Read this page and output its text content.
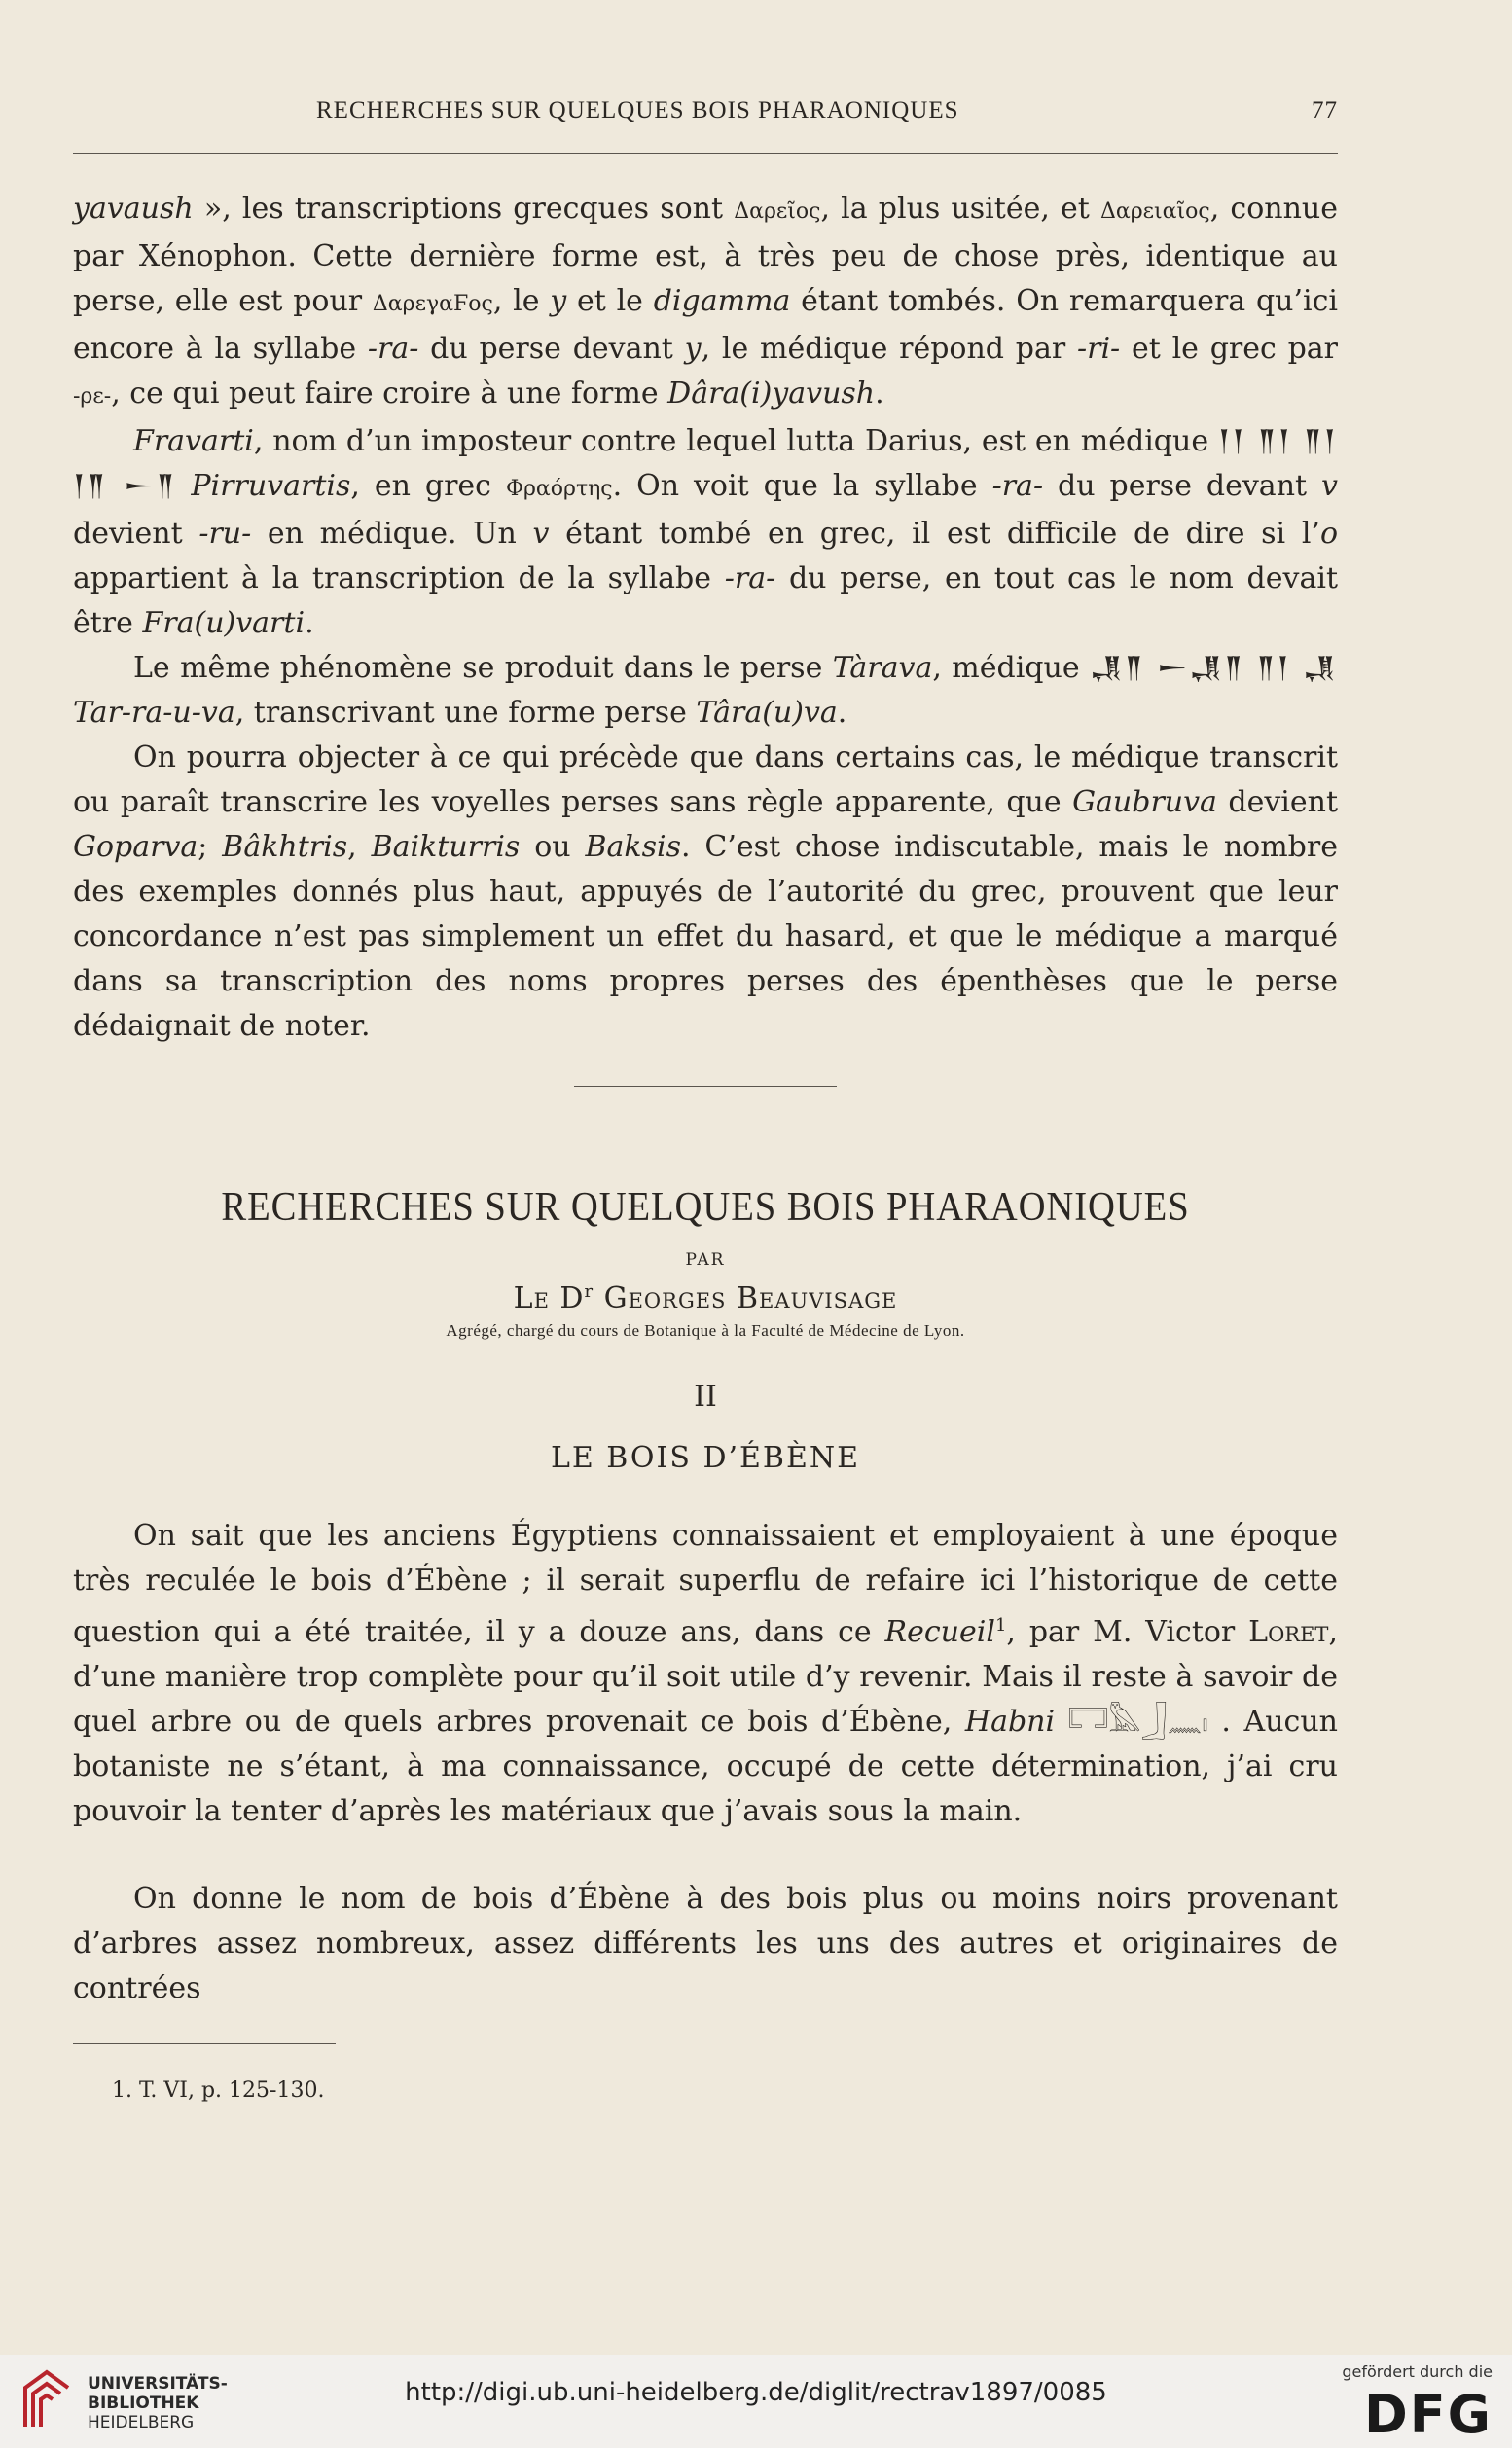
RECHERCHES SUR QUELQUES BOIS PHARAONIQUES	77

yavaush », les transcriptions grecques sont Δαρεῖος, la plus usitée, et Δαρειαῖος, connue par Xénophon. Cette dernière forme est, à très peu de chose près, identique au perse, elle est pour ΔαρεγαϜος, le y et le digamma étant tombés. On remarquera qu’ici encore à la syllabe -ra- du perse devant y, le médique répond par -ri- et le grec par -ρε-, ce qui peut faire croire à une forme Dâra(i)yavush.

Fravarti, nom d’un imposteur contre lequel lutta Darius, est en médique 𒁹𒁹 𒈫𒁹 𒈫𒁹 𒁹𒈫 𒀸𒈫 Pirruvartis, en grec Φραόρτης. On voit que la syllabe -ra- du perse devant v devient -ru- en médique. Un v étant tombé en grec, il est difficile de dire si l’o appartient à la transcription de la syllabe -ra- du perse, en tout cas le nom devait être Fra(u)varti.

Le même phénomène se produit dans le perse Tàrava, médique 𒂗𒈫 𒀸𒂗𒈫 𒈫𒁹 𒂗 Tar-ra-u-va, transcrivant une forme perse Târa(u)va.

On pourra objecter à ce qui précède que dans certains cas, le médique transcrit ou paraît transcrire les voyelles perses sans règle apparente, que Gaubruva devient Goparva; Bâkhtris, Baikturris ou Baksis. C’est chose indiscutable, mais le nombre des exemples donnés plus haut, appuyés de l’autorité du grec, prouvent que leur concordance n’est pas simplement un effet du hasard, et que le médique a marqué dans sa transcription des noms propres perses des épenthèses que le perse dédaignait de noter.

RECHERCHES SUR QUELQUES BOIS PHARAONIQUES
PAR
Le $D^r$ Georges Beauvisage
Agrégé, chargé du cours de Botanique à la Faculté de Médecine de Lyon.
II
LE BOIS D’ÉBÈNE

On sait que les anciens Égyptiens connaissaient et employaient à une époque très reculée le bois d’Ébène ; il serait superflu de refaire ici l’historique de cette question qui a été traitée, il y a douze ans, dans ce Recueil$^1$, par M. Victor Loret, d’une manière trop complète pour qu’il soit utile d’y revenir. Mais il reste à savoir de quel arbre ou de quels arbres provenait ce bois d’Ébène, Habni 𓉐𓅓𓃀𓈖𓏤 . Aucun botaniste ne s’étant, à ma connaissance, occupé de cette détermination, j’ai cru pouvoir la tenter d’après les matériaux que j’avais sous la main.

On donne le nom de bois d’Ébène à des bois plus ou moins noirs provenant d’arbres assez nombreux, assez différents les uns des autres et originaires de contrées

1. T. VI, p. 125-130.
UNIVERSITÄTS-
BIBLIOTHEK
HEIDELBERG
http://digi.ub.uni-heidelberg.de/diglit/rectrav1897/0085
gefördert durch die
DFG
